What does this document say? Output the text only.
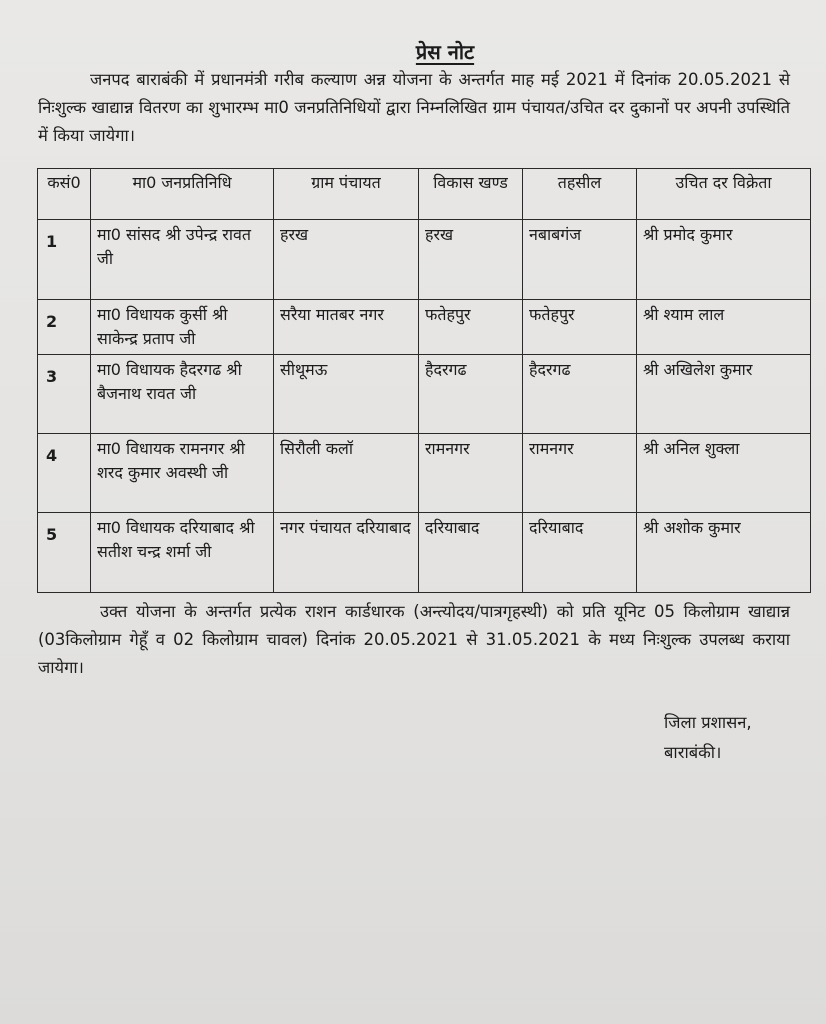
प्रेस नोट

जनपद बाराबंकी में प्रधानमंत्री गरीब कल्याण अन्न योजना के अन्तर्गत माह मई 2021 में दिनांक 20.05.2021 से निःशुल्क खाद्यान्न वितरण का शुभारम्भ मा0 जनप्रतिनिधियों द्वारा निम्नलिखित ग्राम पंचायत/उचित दर दुकानों पर अपनी उपस्थिति में किया जायेगा।

कसं0	मा0 जनप्रतिनिधि	ग्राम पंचायत	विकास खण्ड	तहसील	उचित दर विक्रेता
1	मा0 सांसद श्री उपेन्द्र रावत जी	हरख	हरख	नबाबगंज	श्री प्रमोद कुमार
2	मा0 विधायक कुर्सी श्री साकेन्द्र प्रताप जी	सरैया मातबर नगर	फतेहपुर	फतेहपुर	श्री श्याम लाल
3	मा0 विधायक हैदरगढ श्री बैजनाथ रावत जी	सीथूमऊ	हैदरगढ	हैदरगढ	श्री अखिलेश कुमार
4	मा0 विधायक रामनगर श्री शरद कुमार अवस्थी जी	सिरौली कलॉ	रामनगर	रामनगर	श्री अनिल शुक्ला
5	मा0 विधायक दरियाबाद श्री सतीश चन्द्र शर्मा जी	नगर पंचायत दरियाबाद	दरियाबाद	दरियाबाद	श्री अशोक कुमार

उक्त योजना के अन्तर्गत प्रत्येक राशन कार्डधारक (अन्त्योदय/पात्रगृहस्थी) को प्रति यूनिट 05 किलोग्राम खाद्यान्न (03किलोग्राम गेहूँ व 02 किलोग्राम चावल) दिनांक 20.05.2021 से 31.05.2021 के मध्य निःशुल्क उपलब्ध कराया जायेगा।

जिला प्रशासन,
बाराबंकी।
